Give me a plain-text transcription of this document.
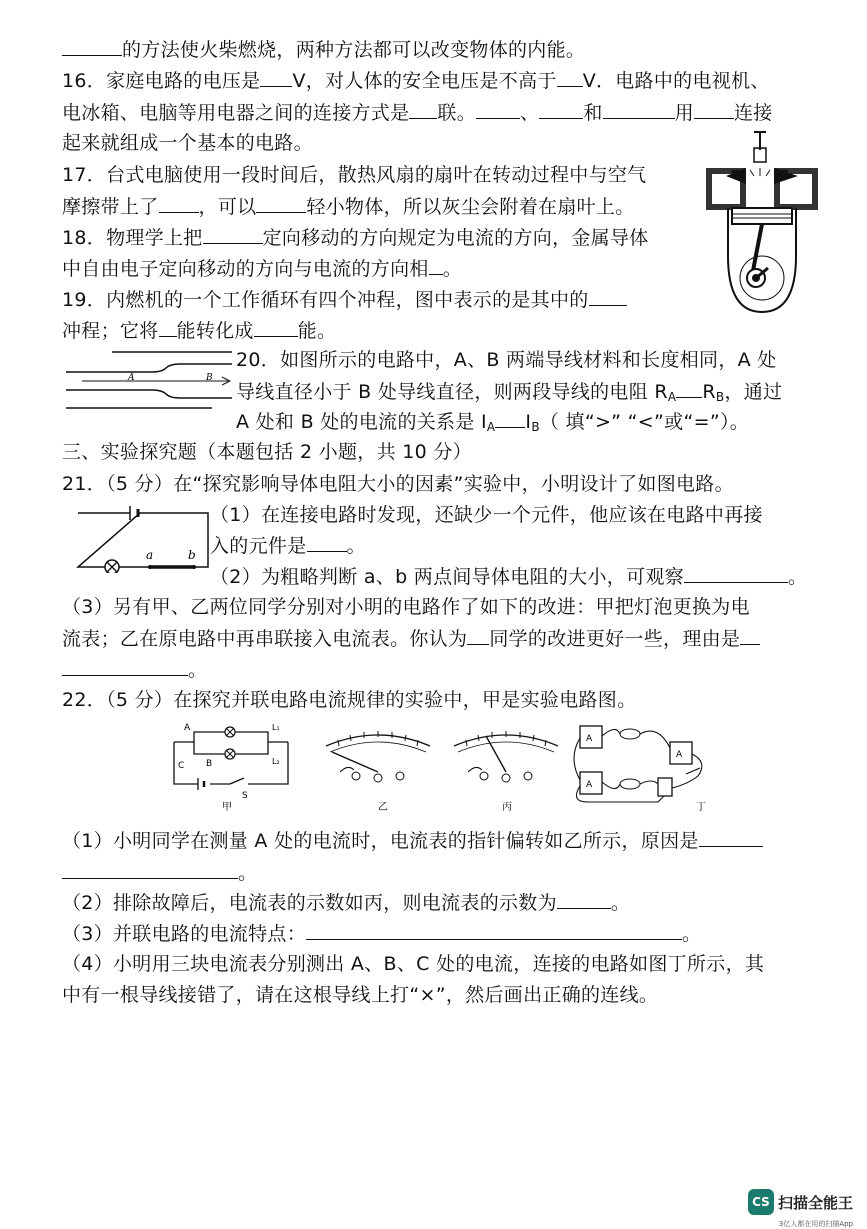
的方法使火柴燃烧，两种方法都可以改变物体的内能。
16．家庭电路的电压是 V，对人体的安全电压是不高于 V．电路中的电视机、
电冰箱、电脑等用电器之间的连接方式是 联。 、 和	用 连接
起来就组成一个基本的电路。
17．台式电脑使用一段时间后，散热风扇的扇叶在转动过程中与空气
摩擦带上了 ，可以	轻小物体，所以灰尘会附着在扇叶上。
18．物理学上把	定向移动的方向规定为电流的方向，金属导体
中自由电子定向移动的方向与电流的方向相 。
19．内燃机的一个工作循环有四个冲程，图中表示的是其中的
冲程；它将 能转化成 能。
A	B
20．如图所示的电路中，A、B 两端导线材料和长度相同，A 处
导线直径小于 B 处导线直径，则两段导线的电阻 $R_A$ $R_B$，通过
A 处和 B 处的电流的关系是 $I_A$ $I_B$（ 填“>” “<”或“=”）。
三、实验探究题（本题包括 2 小题，共 10 分）
21．（5 分）在“探究影响导体电阻大小的因素”实验中，小明设计了如图电路。
a	b
（1）在连接电路时发现，还缺少一个元件，他应该在电路中再接
入的元件是 。
（2）为粗略判断 a、b 两点间导体电阻的大小，可观察	。
（3）另有甲、乙两位同学分别对小明的电路作了如下的改进：甲把灯泡更换为电
流表；乙在原电路中再串联接入电流表。你认为 同学的改进更好一些，理由是
。
22．（5 分）在探究并联电路电流规律的实验中，甲是实验电路图。
A
B
C
L₁
L₂
S
甲	乙	丙
A
A
A
丁
（1）小明同学在测量 A 处的电流时，电流表的指针偏转如乙所示，原因是
。
（2）排除故障后，电流表的示数如丙，则电流表的示数为	。
（3）并联电路的电流特点：	。
（4）小明用三块电流表分别测出 A、B、C 处的电流，连接的电路如图丁所示，其
中有一根导线接错了，请在这根导线上打“×”，然后画出正确的连线。
CS 扫描全能王
3亿人都在用的扫描App
